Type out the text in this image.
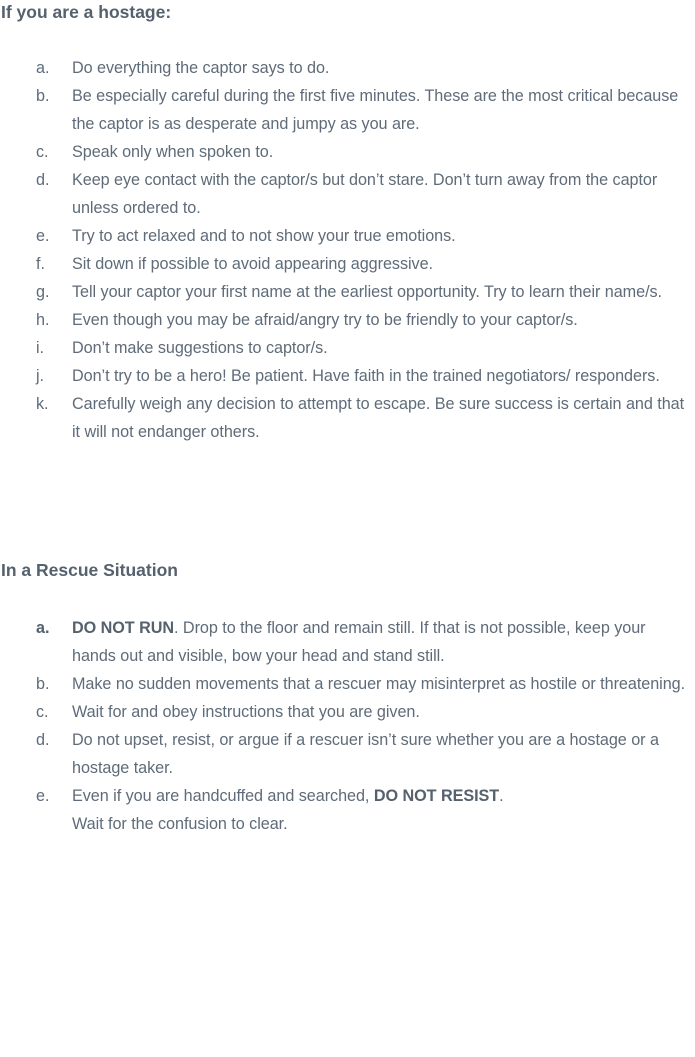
If you are a hostage:
a.	Do everything the captor says to do.
b.	Be especially careful during the first five minutes. These are the most critical because the captor is as desperate and jumpy as you are.
c.	Speak only when spoken to.
d.	Keep eye contact with the captor/s but don’t stare. Don’t turn away from the captor unless ordered to.
e.	Try to act relaxed and to not show your true emotions.
f.	Sit down if possible to avoid appearing aggressive.
g.	Tell your captor your first name at the earliest opportunity. Try to learn their name/s.
h.	Even though you may be afraid/angry try to be friendly to your captor/s.
i.	Don’t make suggestions to captor/s.
j.	Don’t try to be a hero! Be patient. Have faith in the trained negotiators/ responders.
k.	Carefully weigh any decision to attempt to escape. Be sure success is certain and that it will not endanger others.
In a Rescue Situation
a.	DO NOT RUN. Drop to the floor and remain still. If that is not possible, keep your hands out and visible, bow your head and stand still.
b.	Make no sudden movements that a rescuer may misinterpret as hostile or threatening.
c.	Wait for and obey instructions that you are given.
d.	Do not upset, resist, or argue if a rescuer isn’t sure whether you are a hostage or a hostage taker.
e.	Even if you are handcuffed and searched, DO NOT RESIST.
Wait for the confusion to clear.
